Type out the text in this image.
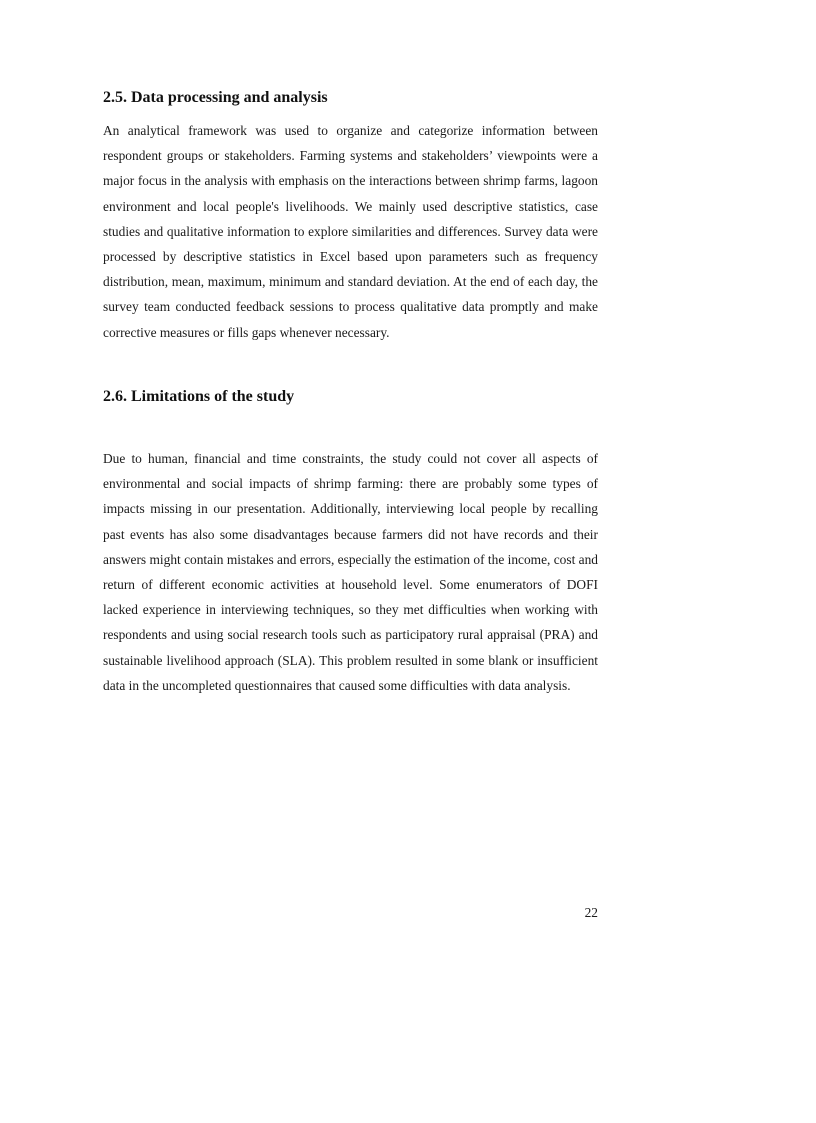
2.5. Data processing and analysis

An analytical framework was used to organize and categorize information between respondent groups or stakeholders. Farming systems and stakeholders’ viewpoints were a major focus in the analysis with emphasis on the interactions between shrimp farms, lagoon environment and local people's livelihoods. We mainly used descriptive statistics, case studies and qualitative information to explore similarities and differences. Survey data were processed by descriptive statistics in Excel based upon parameters such as frequency distribution, mean, maximum, minimum and standard deviation. At the end of each day, the survey team conducted feedback sessions to process qualitative data promptly and make corrective measures or fills gaps whenever necessary.

2.6. Limitations of the study

Due to human, financial and time constraints, the study could not cover all aspects of environmental and social impacts of shrimp farming: there are probably some types of impacts missing in our presentation. Additionally, interviewing local people by recalling past events has also some disadvantages because farmers did not have records and their answers might contain mistakes and errors, especially the estimation of the income, cost and return of different economic activities at household level. Some enumerators of DOFI lacked experience in interviewing techniques, so they met difficulties when working with respondents and using social research tools such as participatory rural appraisal (PRA) and sustainable livelihood approach (SLA). This problem resulted in some blank or insufficient data in the uncompleted questionnaires that caused some difficulties with data analysis.

22
